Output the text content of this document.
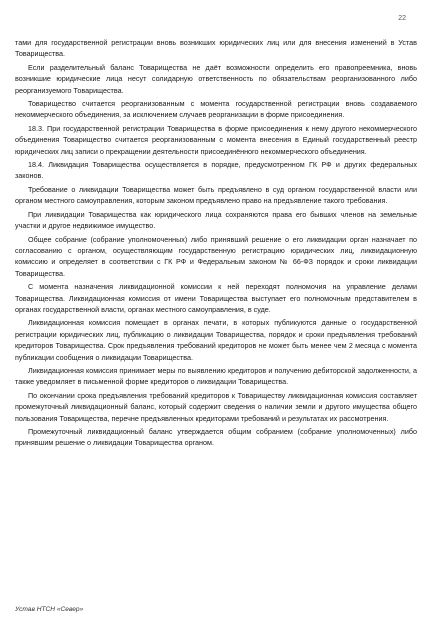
22

тами для государственной регистрации вновь возникших юридических лиц или для внесения изменений в Устав Товарищества.

Если разделительный баланс Товарищества не даёт возможности определить его правопреемника, вновь возникшие юридические лица несут солидарную ответственность по обязательствам реорганизованного либо реорганизуемого Товарищества.

Товарищество считается реорганизованным с момента государственной регистрации вновь создаваемого некоммерческого объединения, за исключением случаев реорганизации в форме присоединения.

18.3. При государственной регистрации Товарищества в форме присоединения к нему другого некоммерческого объединения Товарищество считается реорганизованным с момента внесения в Единый государственный реестр юридических лиц записи о прекращении деятельности присоединённого некоммерческого объединения.

18.4. Ликвидация Товарищества осуществляется в порядке, предусмотренном ГК РФ и других федеральных законов.

Требование о ликвидации Товарищества может быть предъявлено в суд органом государственной власти или органом местного самоуправления, которым законом предъявлено право на предъявление такого требования.

При ликвидации Товарищества как юридического лица сохраняются права его бывших членов на земельные участки и другое недвижимое имущество.

Общее собрание (собрание уполномоченных) либо принявший решение о его ликвидации орган назначает по согласованию с органом, осуществляющим государственную регистрацию юридических лиц, ликвидационную комиссию и определяет в соответствии с ГК РФ и Федеральным законом № 66-ФЗ порядок и сроки ликвидации Товарищества.

С момента назначения ликвидационной комиссии к ней переходят полномочия на управление делами Товарищества. Ликвидационная комиссия от имени Товарищества выступает его полномочным представителем в органах государственной власти, органах местного самоуправления, в суде.

Ликвидационная комиссия помещает в органах печати, в которых публикуются данные о государственной регистрации юридических лиц, публикацию о ликвидации Товарищества, порядок и сроки предъявления требований кредиторов Товарищества. Срок предъявления требований кредиторов не может быть менее чем 2 месяца с момента публикации сообщения о ликвидации Товарищества.

Ликвидационная комиссия принимает меры по выявлению кредиторов и получению дебиторской задолженности, а также уведомляет в письменной форме кредиторов о ликвидации Товарищества.

По окончании срока предъявления требований кредиторов к Товариществу ликвидационная комиссия составляет промежуточный ликвидационный баланс, который содержит сведения о наличии земли и другого имущества общего пользования Товарищества, перечне предъявленных кредиторами требований и результатах их рассмотрения.

Промежуточный ликвидационный баланс утверждается общим собранием (собрание уполномоченных) либо принявшим решение о ликвидации Товарищества органом.

Устав НТСН «Север»
